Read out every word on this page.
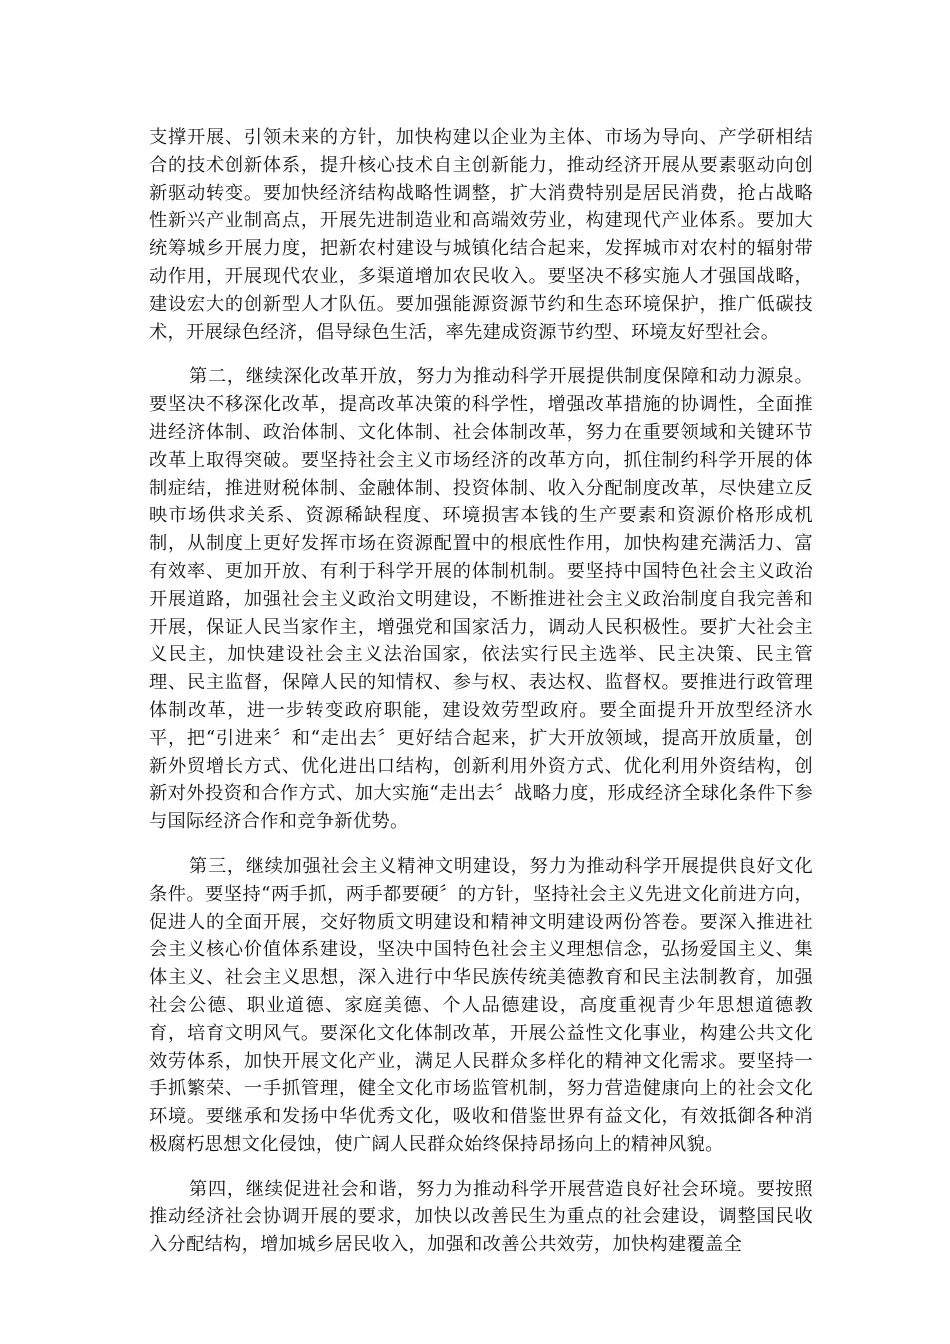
支撑开展、引领未来的方针，加快构建以企业为主体、市场为导向、产学研相结合的技术创新体系，提升核心技术自主创新能力，推动经济开展从要素驱动向创新驱动转变。要加快经济结构战略性调整，扩大消费特别是居民消费，抢占战略性新兴产业制高点，开展先进制造业和高端效劳业，构建现代产业体系。要加大统筹城乡开展力度，把新农村建设与城镇化结合起来，发挥城市对农村的辐射带动作用，开展现代农业，多渠道增加农民收入。要坚决不移实施人才强国战略，建设宏大的创新型人才队伍。要加强能源资源节约和生态环境保护，推广低碳技术，开展绿色经济，倡导绿色生活，率先建成资源节约型、环境友好型社会。

第二，继续深化改革开放，努力为推动科学开展提供制度保障和动力源泉。要坚决不移深化改革，提高改革决策的科学性，增强改革措施的协调性，全面推进经济体制、政治体制、文化体制、社会体制改革，努力在重要领域和关键环节改革上取得突破。要坚持社会主义市场经济的改革方向，抓住制约科学开展的体制症结，推进财税体制、金融体制、投资体制、收入分配制度改革，尽快建立反映市场供求关系、资源稀缺程度、环境损害本钱的生产要素和资源价格形成机制，从制度上更好发挥市场在资源配置中的根底性作用，加快构建充满活力、富有效率、更加开放、有利于科学开展的体制机制。要坚持中国特色社会主义政治开展道路，加强社会主义政治文明建设，不断推进社会主义政治制度自我完善和开展，保证人民当家作主，增强党和国家活力，调动人民积极性。要扩大社会主义民主，加快建设社会主义法治国家，依法实行民主选举、民主决策、民主管理、民主监督，保障人民的知情权、参与权、表达权、监督权。要推进行政管理体制改革，进一步转变政府职能，建设效劳型政府。要全面提升开放型经济水平，把“引进来〞和“走出去〞更好结合起来，扩大开放领域，提高开放质量，创新外贸增长方式、优化进出口结构，创新利用外资方式、优化利用外资结构，创新对外投资和合作方式、加大实施“走出去〞战略力度，形成经济全球化条件下参与国际经济合作和竞争新优势。

第三，继续加强社会主义精神文明建设，努力为推动科学开展提供良好文化条件。要坚持“两手抓，两手都要硬〞的方针，坚持社会主义先进文化前进方向，促进人的全面开展，交好物质文明建设和精神文明建设两份答卷。要深入推进社会主义核心价值体系建设，坚决中国特色社会主义理想信念，弘扬爱国主义、集体主义、社会主义思想，深入进行中华民族传统美德教育和民主法制教育，加强社会公德、职业道德、家庭美德、个人品德建设，高度重视青少年思想道德教育，培育文明风气。要深化文化体制改革，开展公益性文化事业，构建公共文化效劳体系，加快开展文化产业，满足人民群众多样化的精神文化需求。要坚持一手抓繁荣、一手抓管理，健全文化市场监管机制，努力营造健康向上的社会文化环境。要继承和发扬中华优秀文化，吸收和借鉴世界有益文化，有效抵御各种消极腐朽思想文化侵蚀，使广阔人民群众始终保持昂扬向上的精神风貌。

第四，继续促进社会和谐，努力为推动科学开展营造良好社会环境。要按照推动经济社会协调开展的要求，加快以改善民生为重点的社会建设，调整国民收入分配结构，增加城乡居民收入，加强和改善公共效劳，加快构建覆盖全
